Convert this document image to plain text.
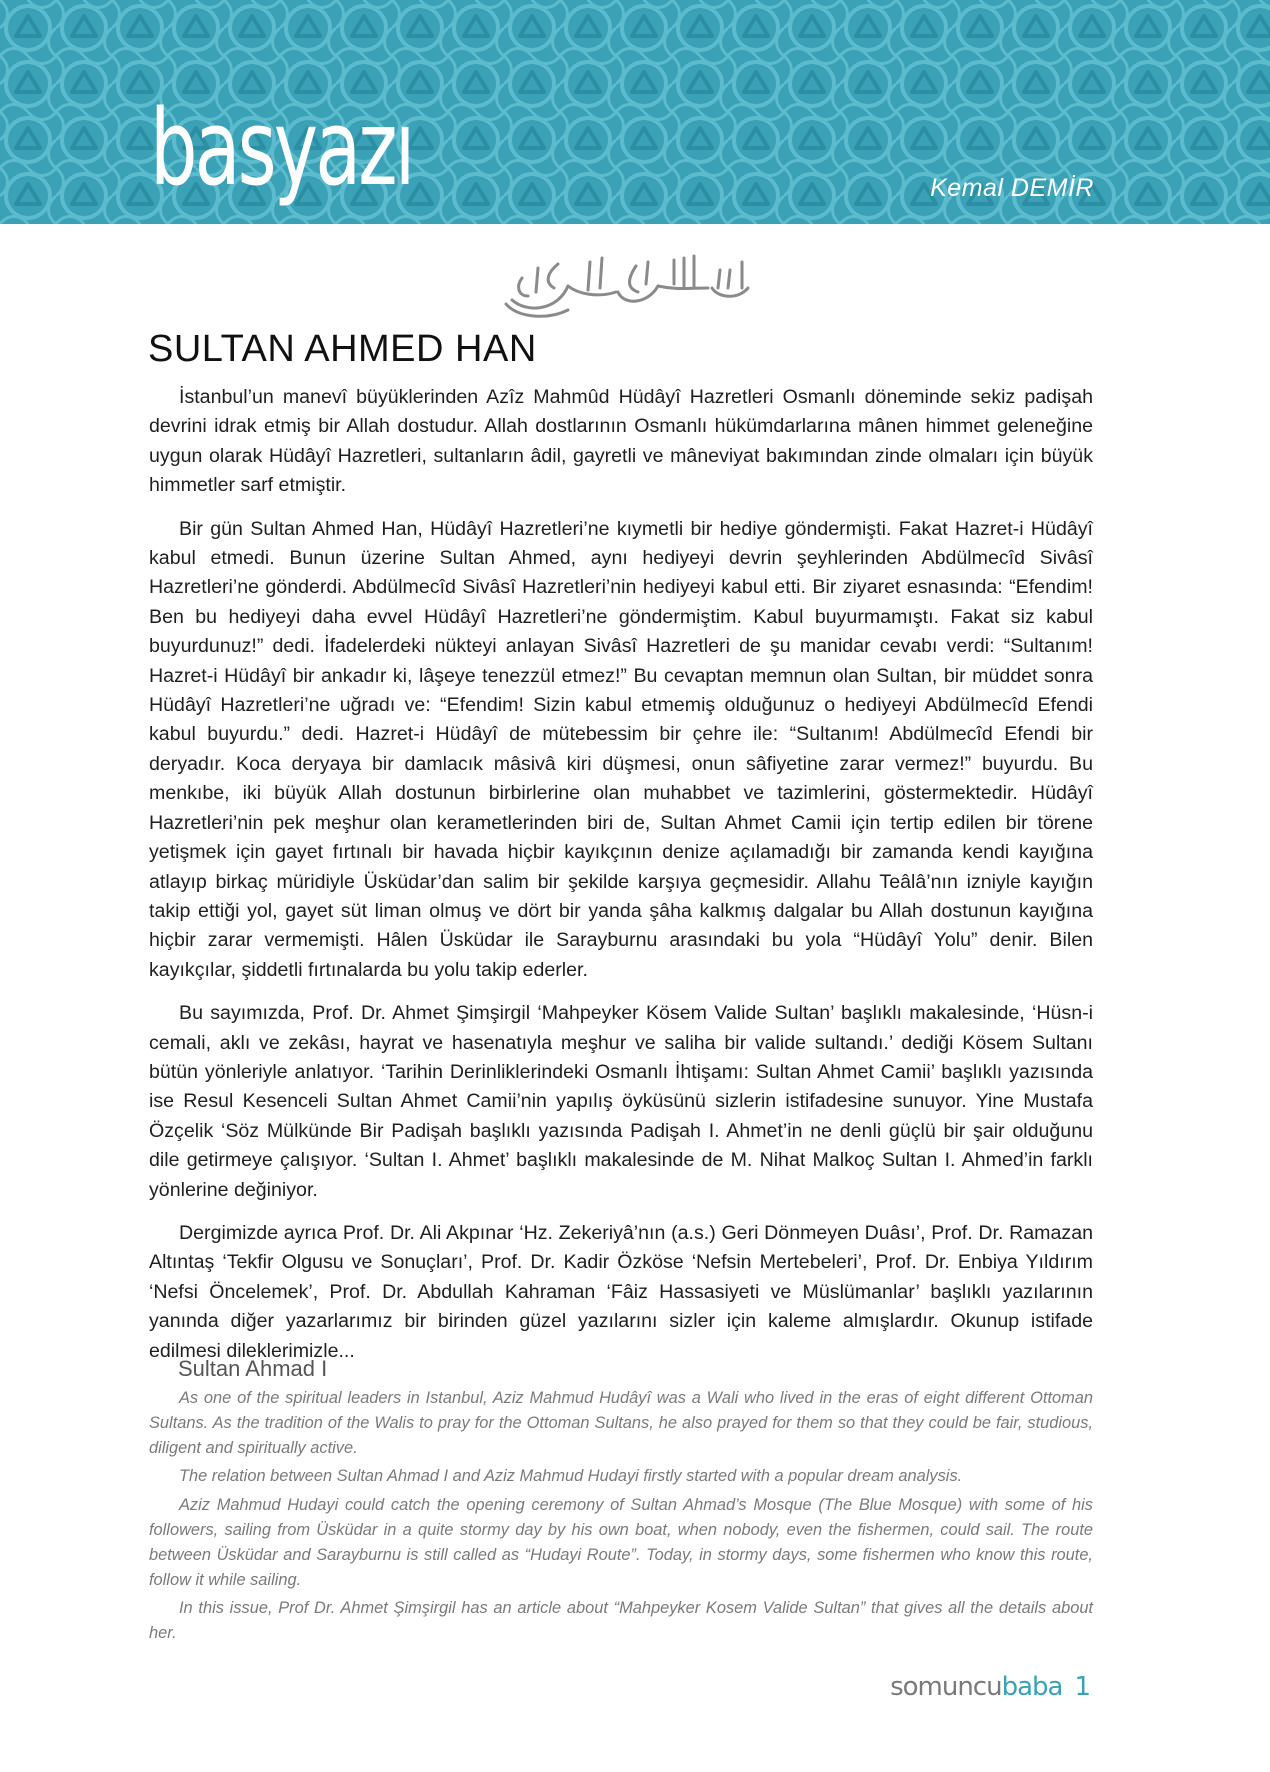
basyazı	Kemal DEMİR
SULTAN AHMED HAN

İstanbul’un manevî büyüklerinden Azîz Mahmûd Hüdâyî Hazretleri Osmanlı döneminde sekiz padişah devrini idrak etmiş bir Allah dostudur. Allah dostlarının Osmanlı hükümdarlarına mânen himmet geleneğine uygun olarak Hüdâyî Hazretleri, sultanların âdil, gayretli ve mâneviyat bakımından zinde olmaları için büyük himmetler sarf etmiştir.

Bir gün Sultan Ahmed Han, Hüdâyî Hazretleri’ne kıymetli bir hediye göndermişti. Fakat Hazret-i Hüdâyî kabul etmedi. Bunun üzerine Sultan Ahmed, aynı hediyeyi devrin şeyhlerinden Abdülmecîd Sivâsî Hazretleri’ne gönderdi. Abdülmecîd Sivâsî Hazretleri’nin hediyeyi kabul etti. Bir ziyaret esnasında: “Efendim! Ben bu hediyeyi daha evvel Hüdâyî Hazretleri’ne göndermiştim. Kabul buyurmamıştı. Fakat siz kabul buyurdunuz!” dedi. İfadelerdeki nükteyi anlayan Sivâsî Hazretleri de şu manidar cevabı verdi: “Sultanım! Hazret-i Hüdâyî bir ankadır ki, lâşeye tenezzül etmez!” Bu cevaptan memnun olan Sultan, bir müddet sonra Hüdâyî Hazretleri’ne uğradı ve: “Efendim! Sizin kabul etmemiş olduğunuz o hediyeyi Abdülmecîd Efendi kabul buyurdu.” dedi. Hazret-i Hüdâyî de mütebessim bir çehre ile: “Sultanım! Abdülmecîd Efendi bir deryadır. Koca deryaya bir damlacık mâsivâ kiri düşmesi, onun sâfiyetine zarar vermez!” buyurdu. Bu menkıbe, iki büyük Allah dostunun birbirlerine olan muhabbet ve tazimlerini, göstermektedir. Hüdâyî Hazretleri’nin pek meşhur olan kerametlerinden biri de, Sultan Ahmet Camii için tertip edilen bir törene yetişmek için gayet fırtınalı bir havada hiçbir kayıkçının denize açılamadığı bir zamanda kendi kayığına atlayıp birkaç müridiyle Üsküdar’dan salim bir şekilde karşıya geçmesidir. Allahu Teâlâ’nın izniyle kayığın takip ettiği yol, gayet süt liman olmuş ve dört bir yanda şâha kalkmış dalgalar bu Allah dostunun kayığına hiçbir zarar vermemişti. Hâlen Üsküdar ile Sarayburnu arasındaki bu yola “Hüdâyî Yolu” denir. Bilen kayıkçılar, şiddetli fırtınalarda bu yolu takip ederler.

Bu sayımızda, Prof. Dr. Ahmet Şimşirgil ‘Mahpeyker Kösem Valide Sultan’ başlıklı makalesinde, ‘Hüsn-i cemali, aklı ve zekâsı, hayrat ve hasenatıyla meşhur ve saliha bir valide sultandı.’ dediği Kösem Sultanı bütün yönleriyle anlatıyor. ‘Tarihin Derinliklerindeki Osmanlı İhtişamı: Sultan Ahmet Camii’ başlıklı yazısında ise Resul Kesenceli Sultan Ahmet Camii’nin yapılış öyküsünü sizlerin istifadesine sunuyor. Yine Mustafa Özçelik ‘Söz Mülkünde Bir Padişah başlıklı yazısında Padişah I. Ahmet’in ne denli güçlü bir şair olduğunu dile getirmeye çalışıyor. ‘Sultan I. Ahmet’ başlıklı makalesinde de M. Nihat Malkoç Sultan I. Ahmed’in farklı yönlerine değiniyor.

Dergimizde ayrıca Prof. Dr. Ali Akpınar ‘Hz. Zekeriyâ’nın (a.s.) Geri Dönmeyen Duâsı’, Prof. Dr. Ramazan Altıntaş ‘Tekfir Olgusu ve Sonuçları’, Prof. Dr. Kadir Özköse ‘Nefsin Mertebeleri’, Prof. Dr. Enbiya Yıldırım ‘Nefsi Öncelemek’, Prof. Dr. Abdullah Kahraman ‘Fâiz Hassasiyeti ve Müslümanlar’ başlıklı yazılarının yanında diğer yazarlarımız bir birinden güzel yazılarını sizler için kaleme almışlardır. Okunup istifade edilmesi dileklerimizle...

Sultan Ahmad I

As one of the spiritual leaders in Istanbul, Aziz Mahmud Hudâyî was a Wali who lived in the eras of eight different Ottoman Sultans. As the tradition of the Walis to pray for the Ottoman Sultans, he also prayed for them so that they could be fair, studious, diligent and spiritually active.

The relation between Sultan Ahmad I and Aziz Mahmud Hudayi firstly started with a popular dream analysis.

Aziz Mahmud Hudayi could catch the opening ceremony of Sultan Ahmad’s Mosque (The Blue Mosque) with some of his followers, sailing from Üsküdar in a quite stormy day by his own boat, when nobody, even the fishermen, could sail. The route between Üsküdar and Sarayburnu is still called as “Hudayi Route”. Today, in stormy days, some fishermen who know this route, follow it while sailing.

In this issue, Prof Dr. Ahmet Şimşirgil has an article about “Mahpeyker Kosem Valide Sultan” that gives all the details about her.

somuncubaba 1
